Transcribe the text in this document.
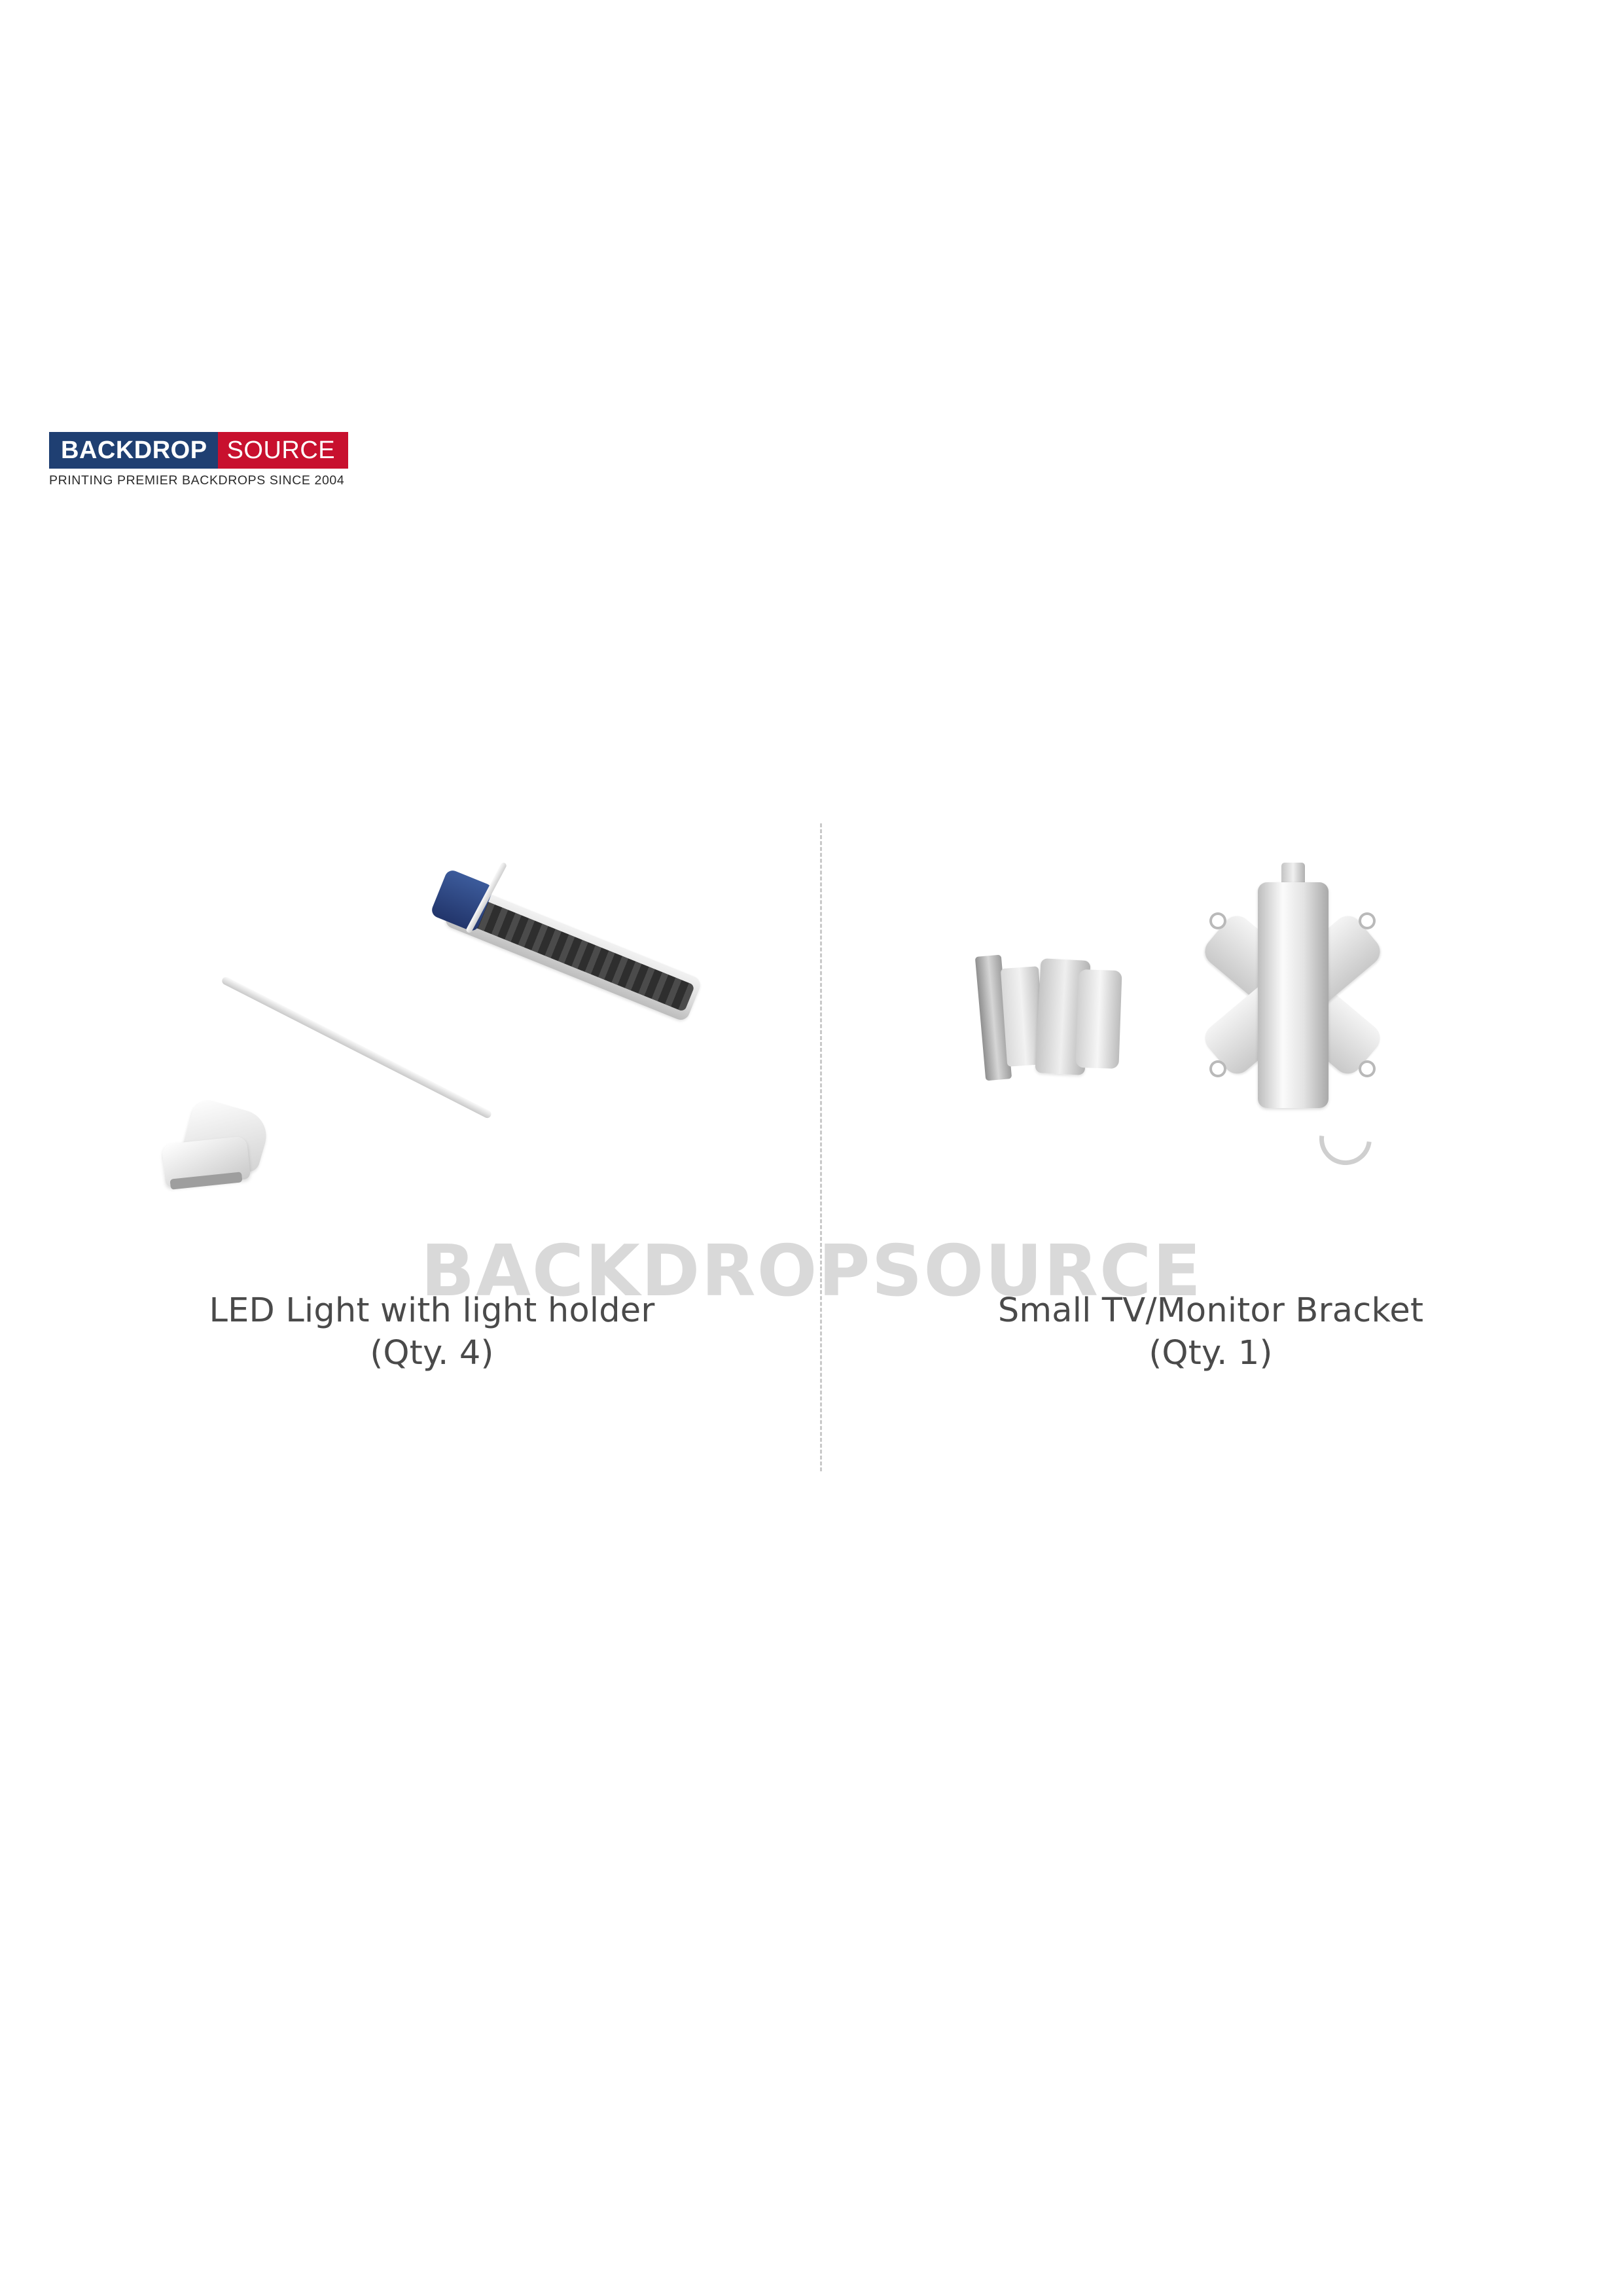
BACKDROP SOURCE
PRINTING PREMIER BACKDROPS SINCE 2004
LED Light with light holder
(Qty. 4)
Small TV/Monitor Bracket
(Qty. 1)
BACKDROPSOURCE
